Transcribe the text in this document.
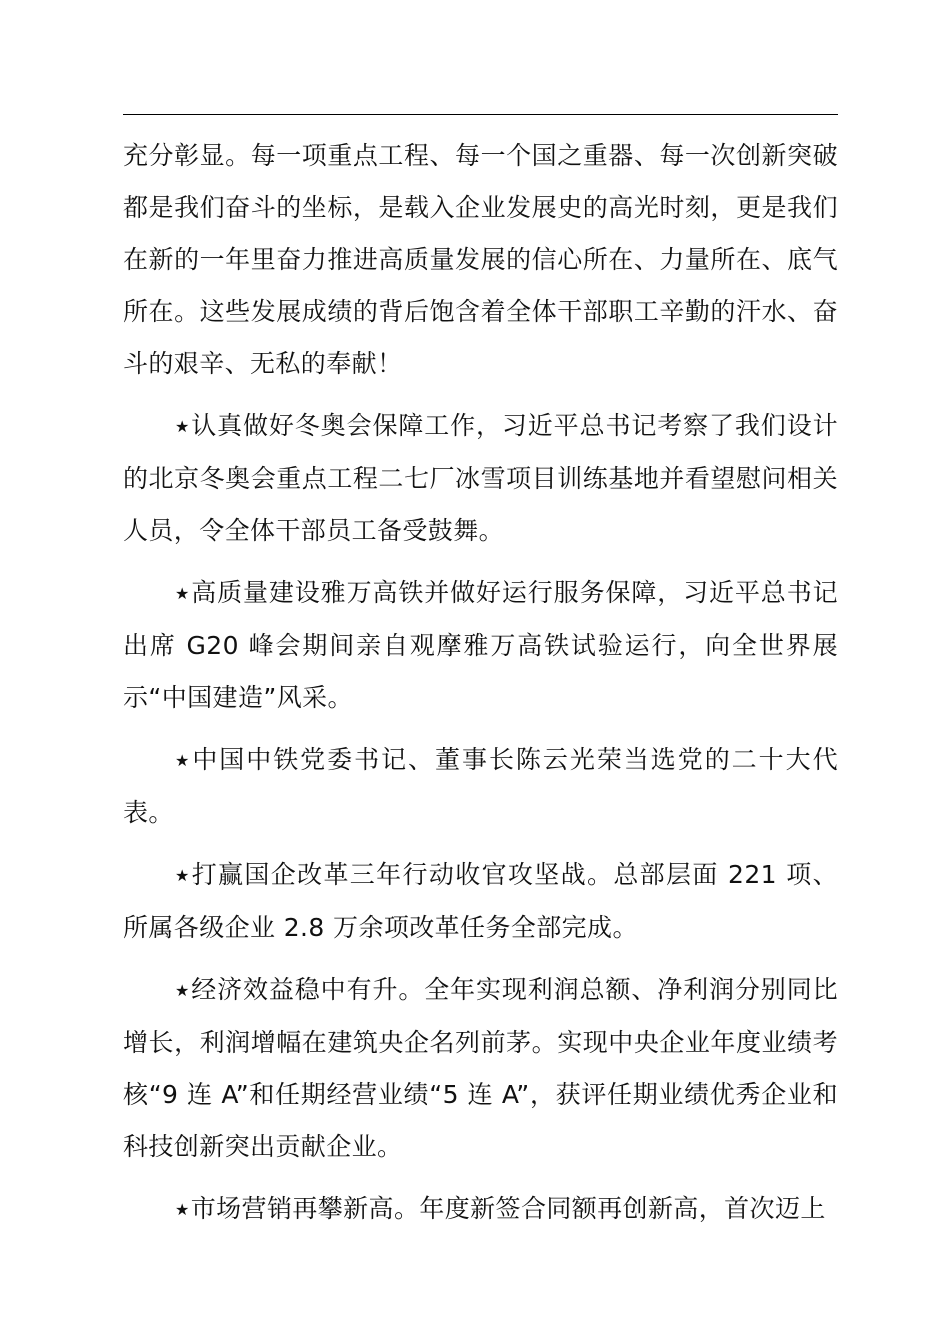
充分彰显。每一项重点工程、每一个国之重器、每一次创新突破都是我们奋斗的坐标，是载入企业发展史的高光时刻，更是我们在新的一年里奋力推进高质量发展的信心所在、力量所在、底气所在。这些发展成绩的背后饱含着全体干部职工辛勤的汗水、奋斗的艰辛、无私的奉献！

★认真做好冬奥会保障工作，习近平总书记考察了我们设计的北京冬奥会重点工程二七厂冰雪项目训练基地并看望慰问相关人员，令全体干部员工备受鼓舞。

★高质量建设雅万高铁并做好运行服务保障，习近平总书记出席 G20 峰会期间亲自观摩雅万高铁试验运行，向全世界展示“中国建造”风采。

★中国中铁党委书记、董事长陈云光荣当选党的二十大代表。

★打赢国企改革三年行动收官攻坚战。总部层面 221 项、所属各级企业 2.8 万余项改革任务全部完成。

★经济效益稳中有升。全年实现利润总额、净利润分别同比增长，利润增幅在建筑央企名列前茅。实现中央企业年度业绩考核“9 连 A”和任期经营业绩“5 连 A”，获评任期业绩优秀企业和科技创新突出贡献企业。

★市场营销再攀新高。年度新签合同额再创新高，首次迈上
